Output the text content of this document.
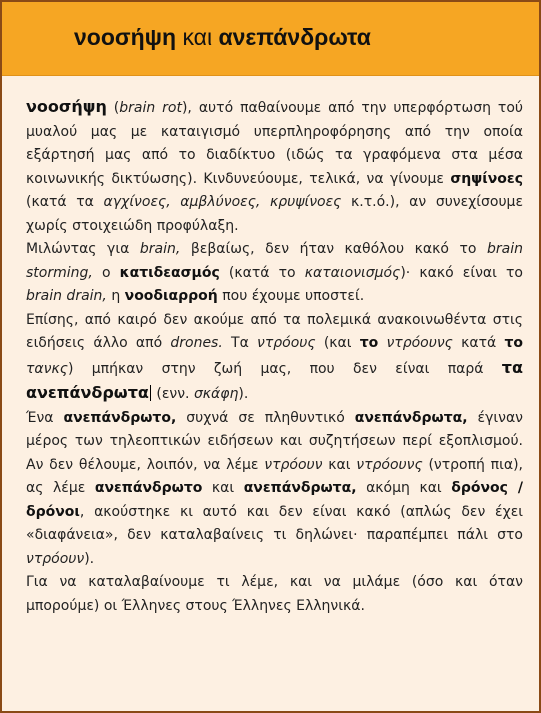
νοοσήψη και ανεπάνδρωτα

νοοσήψη (brain rot), αυτό παθαίνουμε από την υπερφόρτωση τού μυαλού μας με καταιγισμό υπερπληροφόρησης από την οποία εξάρτησή μας από το διαδίκτυο (ιδώς τα γραφόμενα στα μέσα κοινωνικής δικτύωσης). Κινδυνεύουμε, τελικά, να γίνουμε σηψίνοες (κατά τα αγχίνοες, αμβλύνοες, κρυψίνοες κ.τ.ό.), αν συνεχίσουμε χωρίς στοιχειώδη προφύλαξη.

Μιλώντας για brain, βεβαίως, δεν ήταν καθόλου κακό το brain storming, ο κατιδεασμός (κατά το καταιονισμός)· κακό είναι το brain drain, η νοοδιαρροή που έχουμε υποστεί.

Επίσης, από καιρό δεν ακούμε από τα πολεμικά ανακοινωθέντα στις ειδήσεις άλλο από drones. Τα ντρόους (και το ντρόουνς κατά το τανκς) μπήκαν στην ζωή μας, που δεν είναι παρά τα ανεπάνδρωτα (ενν. σκάφη).

Ένα ανεπάνδρωτο, συχνά σε πληθυντικό ανεπάνδρωτα, έγιναν μέρος των τηλεοπτικών ειδήσεων και συζητήσεων περί εξοπλισμού. Αν δεν θέλουμε, λοιπόν, να λέμε ντρόουν και ντρόουνς (ντροπή πια), ας λέμε ανεπάνδρωτο και ανεπάνδρωτα, ακόμη και δρόνος / δρόνοι, ακούστηκε κι αυτό και δεν είναι κακό (απλώς δεν έχει «διαφάνεια», δεν καταλαβαίνεις τι δηλώνει· παραπέμπει πάλι στο ντρόουν).

Για να καταλαβαίνουμε τι λέμε, και να μιλάμε (όσο και όταν μπορούμε) οι Έλληνες στους Έλληνες Ελληνικά.
